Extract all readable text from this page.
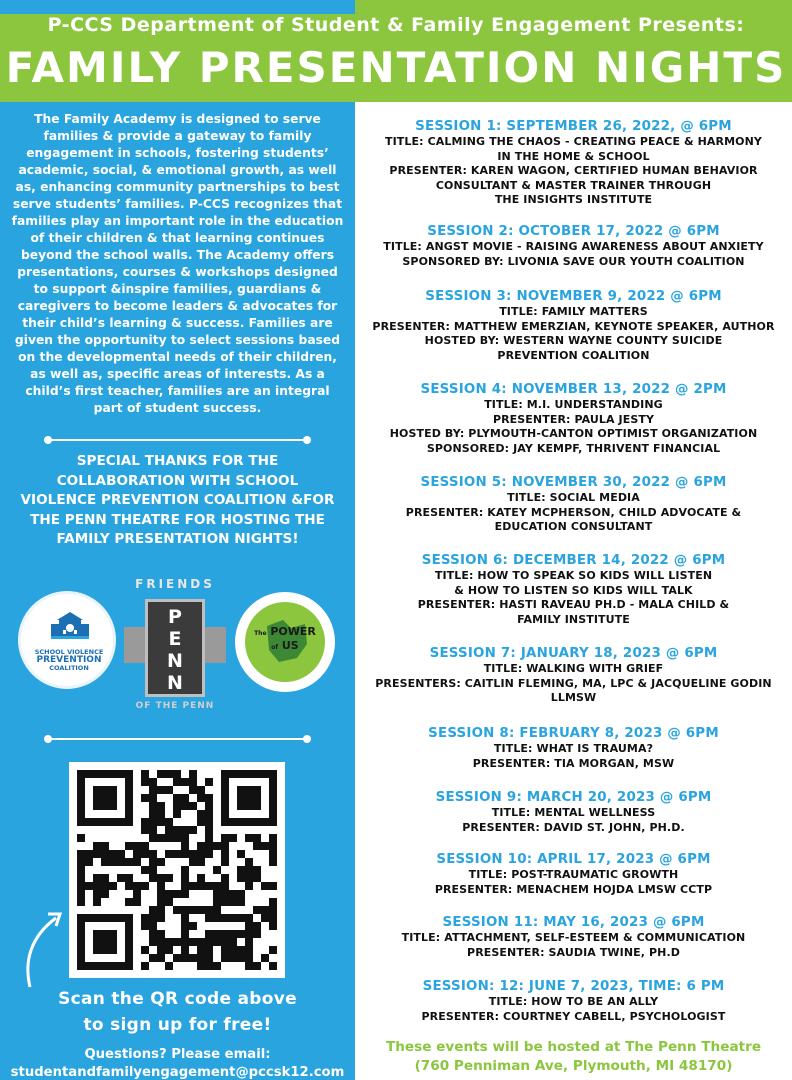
P-CCS Department of Student & Family Engagement Presents:
FAMILY PRESENTATION NIGHTS
The Family Academy is designed to serve families & provide a gateway to family engagement in schools, fostering students’ academic, social, & emotional growth, as well as, enhancing community partnerships to best serve students’ families. P-CCS recognizes that families play an important role in the education of their children & that learning continues beyond the school walls. The Academy offers presentations, courses & workshops designed to support &inspire families, guardians & caregivers to become leaders & advocates for their child’s learning & success. Families are given the opportunity to select sessions based on the developmental needs of their children, as well as, specific areas of interests. As a child’s first teacher, families are an integral part of student success.
SPECIAL THANKS FOR THE COLLABORATION WITH SCHOOL VIOLENCE PREVENTION COALITION &FOR THE PENN THEATRE FOR HOSTING THE FAMILY PRESENTATION NIGHTS!
SCHOOL VIOLENCE
PREVENTION
COALITION
FRIENDS
P
E
N
N
OF THE PENN
The POWER
of US
Scan the QR code above
to sign up for free!
Questions? Please email:
studentandfamilyengagement@pccsk12.com
SESSION 1: SEPTEMBER 26, 2022, @ 6PM
TITLE: CALMING THE CHAOS - CREATING PEACE & HARMONY
IN THE HOME & SCHOOL
PRESENTER: KAREN WAGON, CERTIFIED HUMAN BEHAVIOR
CONSULTANT & MASTER TRAINER THROUGH
THE INSIGHTS INSTITUTE
SESSION 2: OCTOBER 17, 2022 @ 6PM
TITLE: ANGST MOVIE - RAISING AWARENESS ABOUT ANXIETY
SPONSORED BY: LIVONIA SAVE OUR YOUTH COALITION
SESSION 3: NOVEMBER 9, 2022 @ 6PM
TITLE: FAMILY MATTERS
PRESENTER: MATTHEW EMERZIAN, KEYNOTE SPEAKER, AUTHOR
HOSTED BY: WESTERN WAYNE COUNTY SUICIDE
PREVENTION COALITION
SESSION 4: NOVEMBER 13, 2022 @ 2PM
TITLE: M.I. UNDERSTANDING
PRESENTER: PAULA JESTY
HOSTED BY: PLYMOUTH-CANTON OPTIMIST ORGANIZATION
SPONSORED: JAY KEMPF, THRIVENT FINANCIAL
SESSION 5: NOVEMBER 30, 2022 @ 6PM
TITLE: SOCIAL MEDIA
PRESENTER: KATEY MCPHERSON, CHILD ADVOCATE &
EDUCATION CONSULTANT
SESSION 6: DECEMBER 14, 2022 @ 6PM
TITLE: HOW TO SPEAK SO KIDS WILL LISTEN
& HOW TO LISTEN SO KIDS WILL TALK
PRESENTER: HASTI RAVEAU PH.D - MALA CHILD &
FAMILY INSTITUTE
SESSION 7: JANUARY 18, 2023 @ 6PM
TITLE: WALKING WITH GRIEF
PRESENTERS: CAITLIN FLEMING, MA, LPC & JACQUELINE GODIN
LLMSW
SESSION 8: FEBRUARY 8, 2023 @ 6PM
TITLE: WHAT IS TRAUMA?
PRESENTER: TIA MORGAN, MSW
SESSION 9: MARCH 20, 2023 @ 6PM
TITLE: MENTAL WELLNESS
PRESENTER: DAVID ST. JOHN, PH.D.
SESSION 10: APRIL 17, 2023 @ 6PM
TITLE: POST-TRAUMATIC GROWTH
PRESENTER: MENACHEM HOJDA LMSW CCTP
SESSION 11: MAY 16, 2023 @ 6PM
TITLE: ATTACHMENT, SELF-ESTEEM & COMMUNICATION
PRESENTER: SAUDIA TWINE, PH.D
SESSION: 12: JUNE 7, 2023, TIME: 6 PM
TITLE: HOW TO BE AN ALLY
PRESENTER: COURTNEY CABELL, PSYCHOLOGIST
These events will be hosted at The Penn Theatre
(760 Penniman Ave, Plymouth, MI 48170)
